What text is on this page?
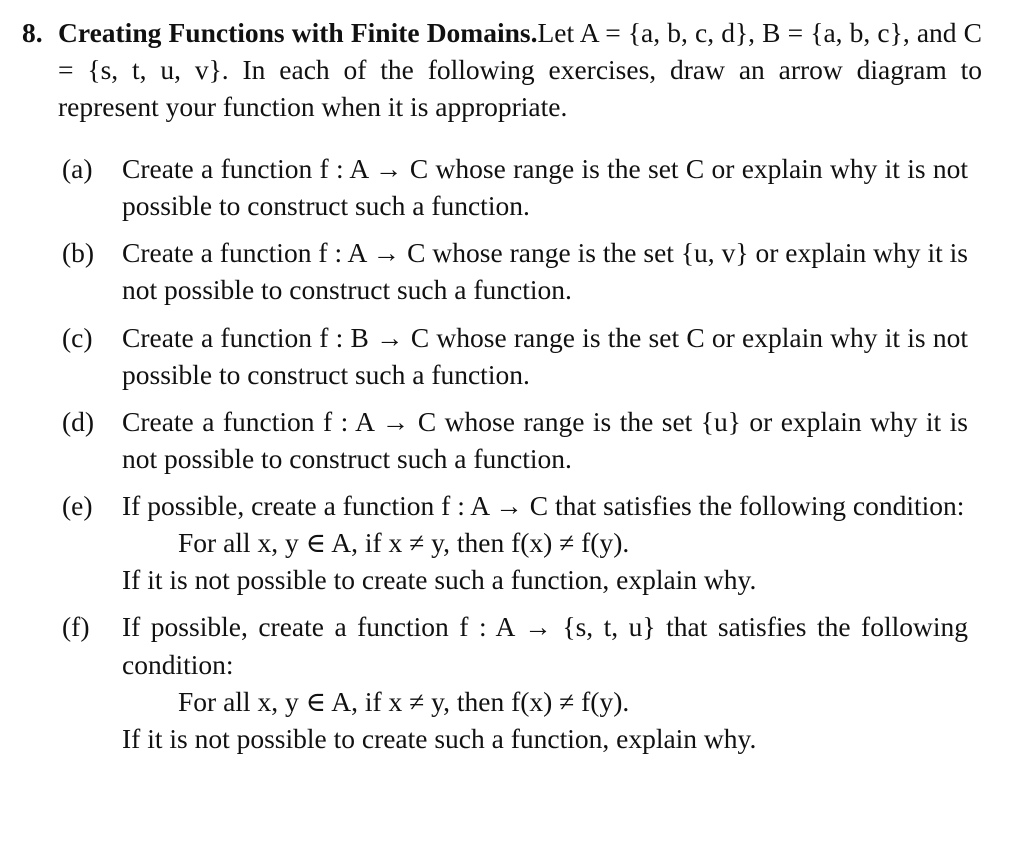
8. Creating Functions with Finite Domains.Let A = {a, b, c, d}, B = {a, b, c}, and C = {s, t, u, v}. In each of the following exercises, draw an arrow diagram to represent your function when it is appropriate.
(a)	Create a function f : A → C whose range is the set C or explain why it is not possible to construct such a function.
(b)	Create a function f : A → C whose range is the set {u, v} or explain why it is not possible to construct such a function.
(c)	Create a function f : B → C whose range is the set C or explain why it is not possible to construct such a function.
(d)	Create a function f : A → C whose range is the set {u} or explain why it is not possible to construct such a function.
(e)	If possible, create a function f : A → C that satisfies the following condition:
For all x, y ∈ A, if x ≠ y, then f(x) ≠ f(y).
If it is not possible to create such a function, explain why.
(f)	If possible, create a function f : A → {s, t, u} that satisfies the following condition:
For all x, y ∈ A, if x ≠ y, then f(x) ≠ f(y).
If it is not possible to create such a function, explain why.
